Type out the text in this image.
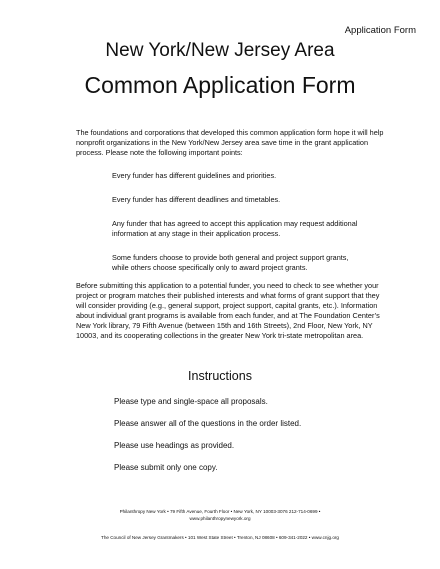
Application Form
New York/New Jersey Area
Common Application Form
The foundations and corporations that developed this common application form hope it will help nonprofit organizations in the New York/New Jersey area save time in the grant application process. Please note the following important points:
Every funder has different guidelines and priorities.
Every funder has different deadlines and timetables.
Any funder that has agreed to accept this application may request additional information at any stage in their application process.
Some funders choose to provide both general and project support grants, while others choose specifically only to award project grants.
Before submitting this application to a potential funder, you need to check to see whether your project or program matches their published interests and what forms of grant support that they will consider providing (e.g., general support, project support, capital grants, etc.). Information about individual grant programs is available from each funder, and at The Foundation Center’s New York library, 79 Fifth Avenue (between 15th and 16th Streets), 2nd Floor, New York, NY 10003, and its cooperating collections in the greater New York tri-state metropolitan area.
Instructions
Please type and single-space all proposals.
Please answer all of the questions in the order listed.
Please use headings as provided.
Please submit only one copy.
Philanthropy New York • 79 Fifth Avenue, Fourth Floor • New York, NY 10003-3076 212-714-0699 •
www.philanthropynewyork.org
The Council of New Jersey Grantmakers • 101 West State Street • Trenton, NJ 08608 • 609-341-2022 • www.cnjg.org
